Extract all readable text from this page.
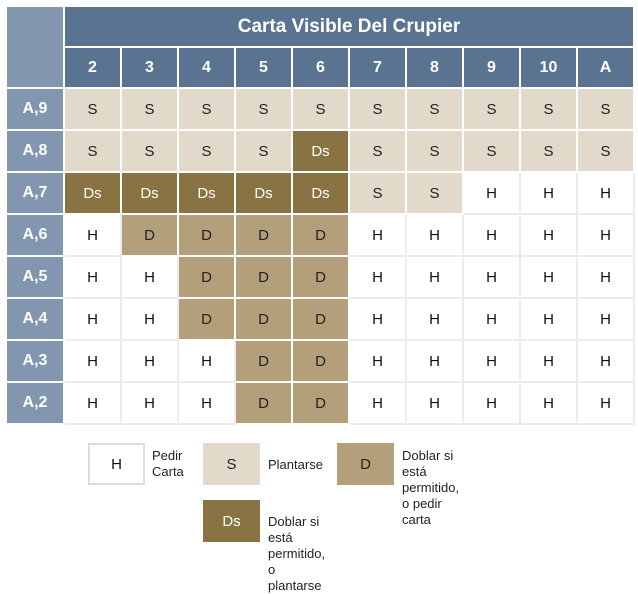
	Carta Visible Del Crupier									
	2	3	4	5	6	7	8	9	10	A
A,9	S	S	S	S	S	S	S	S	S	S
A,8	S	S	S	S	Ds	S	S	S	S	S
A,7	Ds	Ds	Ds	Ds	Ds	S	S	H	H	H
A,6	H	D	D	D	D	H	H	H	H	H
A,5	H	H	D	D	D	H	H	H	H	H
A,4	H	H	D	D	D	H	H	H	H	H
A,3	H	H	H	D	D	H	H	H	H	H
A,2	H	H	H	D	D	H	H	H	H	H
H	Pedir
Carta	S	Plantarse	D	Doblar si está permitido,
o pedir carta
Ds	Doblar si está permitido, o plantarse
